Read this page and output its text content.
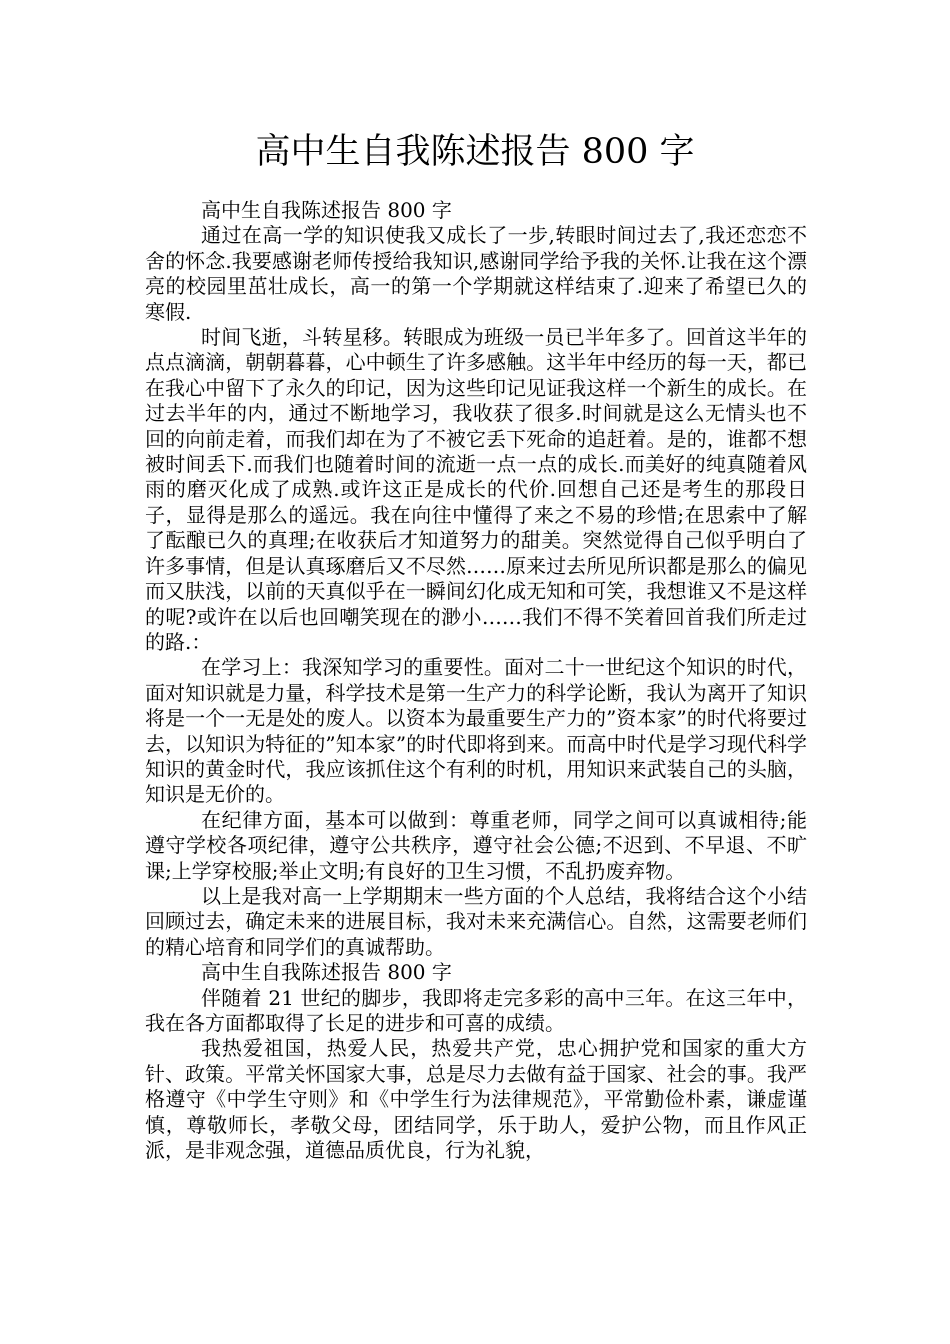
高中生自我陈述报告 800 字

高中生自我陈述报告 800 字

通过在高一学的知识使我又成长了一步,转眼时间过去了,我还恋恋不舍的怀念.我要感谢老师传授给我知识,感谢同学给予我的关怀.让我在这个漂亮的校园里茁壮成长，高一的第一个学期就这样结束了.迎来了希望已久的寒假.

时间飞逝，斗转星移。转眼成为班级一员已半年多了。回首这半年的点点滴滴，朝朝暮暮，心中顿生了许多感触。这半年中经历的每一天，都已在我心中留下了永久的印记，因为这些印记见证我这样一个新生的成长。在过去半年的内，通过不断地学习，我收获了很多.时间就是这么无情头也不回的向前走着，而我们却在为了不被它丢下死命的追赶着。是的，谁都不想被时间丢下.而我们也随着时间的流逝一点一点的成长.而美好的纯真随着风雨的磨灭化成了成熟.或许这正是成长的代价.回想自己还是考生的那段日子，显得是那么的遥远。我在向往中懂得了来之不易的珍惜;在思索中了解了酝酿已久的真理;在收获后才知道努力的甜美。突然觉得自己似乎明白了许多事情，但是认真琢磨后又不尽然……原来过去所见所识都是那么的偏见而又肤浅，以前的天真似乎在一瞬间幻化成无知和可笑，我想谁又不是这样的呢?或许在以后也回嘲笑现在的渺小……我们不得不笑着回首我们所走过的路.：

在学习上：我深知学习的重要性。面对二十一世纪这个知识的时代，面对知识就是力量，科学技术是第一生产力的科学论断，我认为离开了知识将是一个一无是处的废人。以资本为最重要生产力的”资本家”的时代将要过去，以知识为特征的”知本家”的时代即将到来。而高中时代是学习现代科学知识的黄金时代，我应该抓住这个有利的时机，用知识来武装自己的头脑，知识是无价的。

在纪律方面，基本可以做到：尊重老师，同学之间可以真诚相待;能遵守学校各项纪律，遵守公共秩序，遵守社会公德;不迟到、不早退、不旷课;上学穿校服;举止文明;有良好的卫生习惯，不乱扔废弃物。

以上是我对高一上学期期末一些方面的个人总结，我将结合这个小结回顾过去，确定未来的进展目标，我对未来充满信心。自然，这需要老师们的精心培育和同学们的真诚帮助。

高中生自我陈述报告 800 字

伴随着 21 世纪的脚步，我即将走完多彩的高中三年。在这三年中，我在各方面都取得了长足的进步和可喜的成绩。

我热爱祖国，热爱人民，热爱共产党，忠心拥护党和国家的重大方针、政策。平常关怀国家大事，总是尽力去做有益于国家、社会的事。我严格遵守《中学生守则》和《中学生行为法律规范》，平常勤俭朴素，谦虚谨慎，尊敬师长，孝敬父母，团结同学，乐于助人，爱护公物，而且作风正派，是非观念强，道德品质优良，行为礼貌，
